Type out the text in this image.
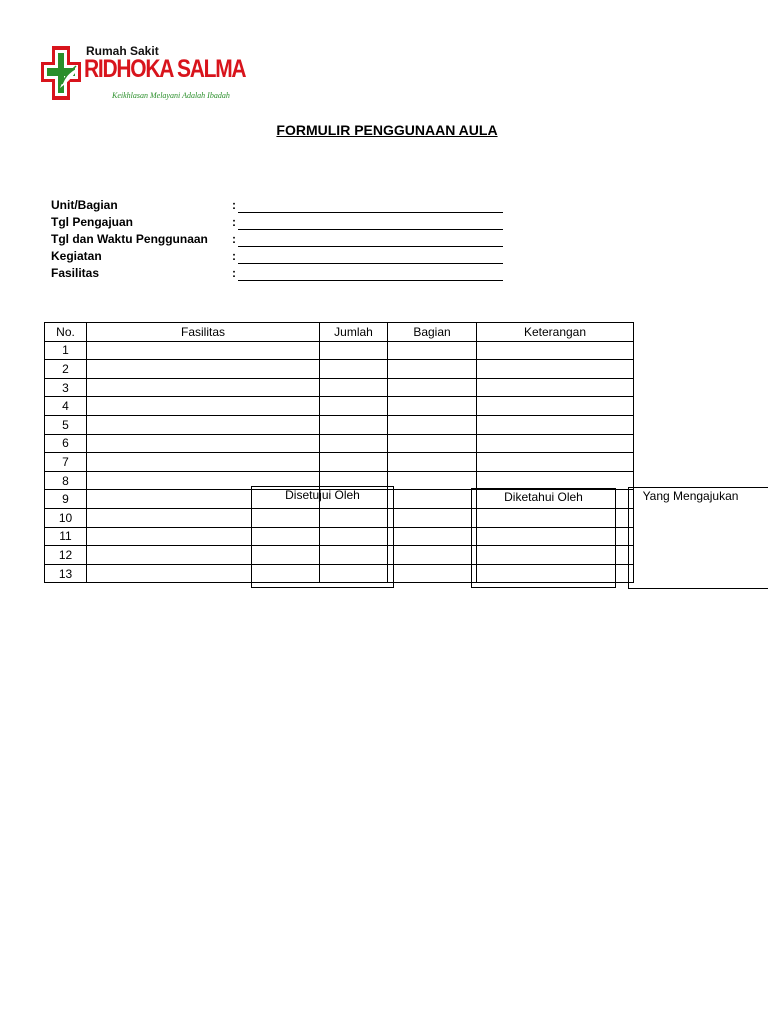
Rumah Sakit
RIDHOKA SALMA
Keikhlasan Melayani Adalah Ibadah
FORMULIR PENGGUNAAN AULA
Unit/Bagian	:
Tgl Pengajuan	:
Tgl dan Waktu Penggunaan :
Kegiatan	:
Fasilitas	:
No.	Fasilitas	Jumlah	Bagian	Keterangan
1				
2				
3				
4				
5				
6				
7				
8				
9				
10				
11				
12				
13				
Disetujui Oleh	Diketahui Oleh	Yang Mengajukan
